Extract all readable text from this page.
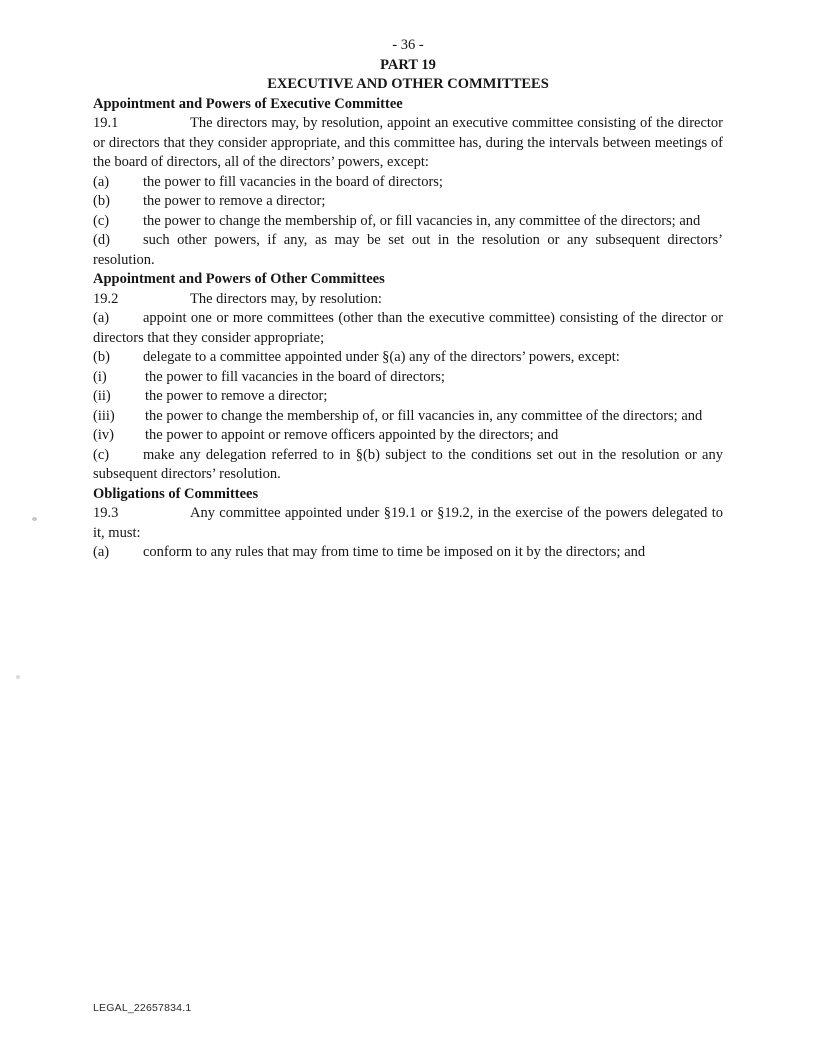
- 36 -

PART 19
EXECUTIVE AND OTHER COMMITTEES
Appointment and Powers of Executive Committee

19.1	The directors may, by resolution, appoint an executive committee consisting of the director or directors that they consider appropriate, and this committee has, during the intervals between meetings of the board of directors, all of the directors’ powers, except:

(a) the power to fill vacancies in the board of directors;

(b) the power to remove a director;

(c) the power to change the membership of, or fill vacancies in, any committee of the directors; and

(d) such other powers, if any, as may be set out in the resolution or any subsequent directors’ resolution.

Appointment and Powers of Other Committees

19.2	The directors may, by resolution:

(a) appoint one or more committees (other than the executive committee) consisting of the director or directors that they consider appropriate;

(b) delegate to a committee appointed under §(a) any of the directors’ powers, except:

(i)	the power to fill vacancies in the board of directors;

(ii) the power to remove a director;

(iii) the power to change the membership of, or fill vacancies in, any committee of the directors; and

(iv) the power to appoint or remove officers appointed by the directors; and

(c) make any delegation referred to in §(b) subject to the conditions set out in the resolution or any subsequent directors’ resolution.

Obligations of Committees

19.3	Any committee appointed under §19.1 or §19.2, in the exercise of the powers delegated to it, must:

(a) conform to any rules that may from time to time be imposed on it by the directors; and

LEGAL_22657834.1
